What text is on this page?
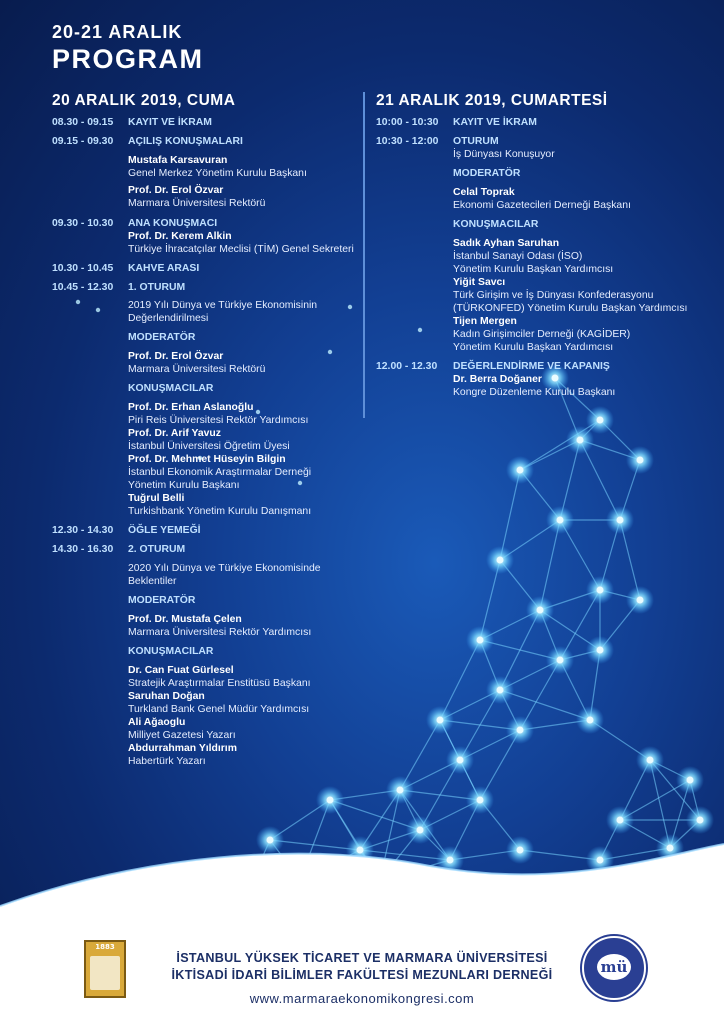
20-21 ARALIK
PROGRAM
20 ARALIK 2019, CUMA	21 ARALIK 2019, CUMARTESİ
08.30 - 09.15 KAYIT VE İKRAM
09.15 - 09.30 AÇILIŞ KONUŞMALARI
Mustafa Karsavuran
Genel Merkez Yönetim Kurulu Başkanı
Prof. Dr. Erol Özvar
Marmara Üniversitesi Rektörü
09.30 - 10.30 ANA KONUŞMACI
Prof. Dr. Kerem Alkin
Türkiye İhracatçılar Meclisi (TİM) Genel Sekreteri
10.30 - 10.45 KAHVE ARASI
10.45 - 12.30 1. OTURUM
2019 Yılı Dünya ve Türkiye Ekonomisinin
Değerlendirilmesi
MODERATÖR
Prof. Dr. Erol Özvar
Marmara Üniversitesi Rektörü
KONUŞMACILAR
Prof. Dr. Erhan Aslanoğlu
Piri Reis Üniversitesi Rektör Yardımcısı
Prof. Dr. Arif Yavuz
İstanbul Üniversitesi Öğretim Üyesi
Prof. Dr. Mehmet Hüseyin Bilgin
İstanbul Ekonomik Araştırmalar Derneği
Yönetim Kurulu Başkanı
Tuğrul Belli
Turkishbank Yönetim Kurulu Danışmanı
12.30 - 14.30 ÖĞLE YEMEĞİ
14.30 - 16.30 2. OTURUM
2020 Yılı Dünya ve Türkiye Ekonomisinde
Beklentiler
MODERATÖR
Prof. Dr. Mustafa Çelen
Marmara Üniversitesi Rektör Yardımcısı
KONUŞMACILAR
Dr. Can Fuat Gürlesel
Stratejik Araştırmalar Enstitüsü Başkanı
Saruhan Doğan
Turkland Bank Genel Müdür Yardımcısı
Ali Ağaoglu
Milliyet Gazetesi Yazarı
Abdurrahman Yıldırım
Habertürk Yazarı
10:00 - 10:30 KAYIT VE İKRAM
10:30 - 12:00 OTURUM
İş Dünyası Konuşuyor
MODERATÖR
Celal Toprak
Ekonomi Gazetecileri Derneği Başkanı
KONUŞMACILAR
Sadık Ayhan Saruhan
İstanbul Sanayi Odası (İSO)
Yönetim Kurulu Başkan Yardımcısı
Yiğit Savcı
Türk Girişim ve İş Dünyası Konfederasyonu
(TÜRKONFED) Yönetim Kurulu Başkan Yardımcısı
Tijen Mergen
Kadın Girişimciler Derneği (KAGİDER)
Yönetim Kurulu Başkan Yardımcısı
12.00 - 12.30 DEĞERLENDİRME VE KAPANIŞ
Dr. Berra Doğaner
Kongre Düzenleme Kurulu Başkanı
1883
İSTANBUL YÜKSEK TİCARET VE MARMARA ÜNİVERSİTESİ
İKTİSADİ İDARİ BİLİMLER FAKÜLTESİ MEZUNLARI DERNEĞİ	mü
www.marmaraekonomikongresi.com
